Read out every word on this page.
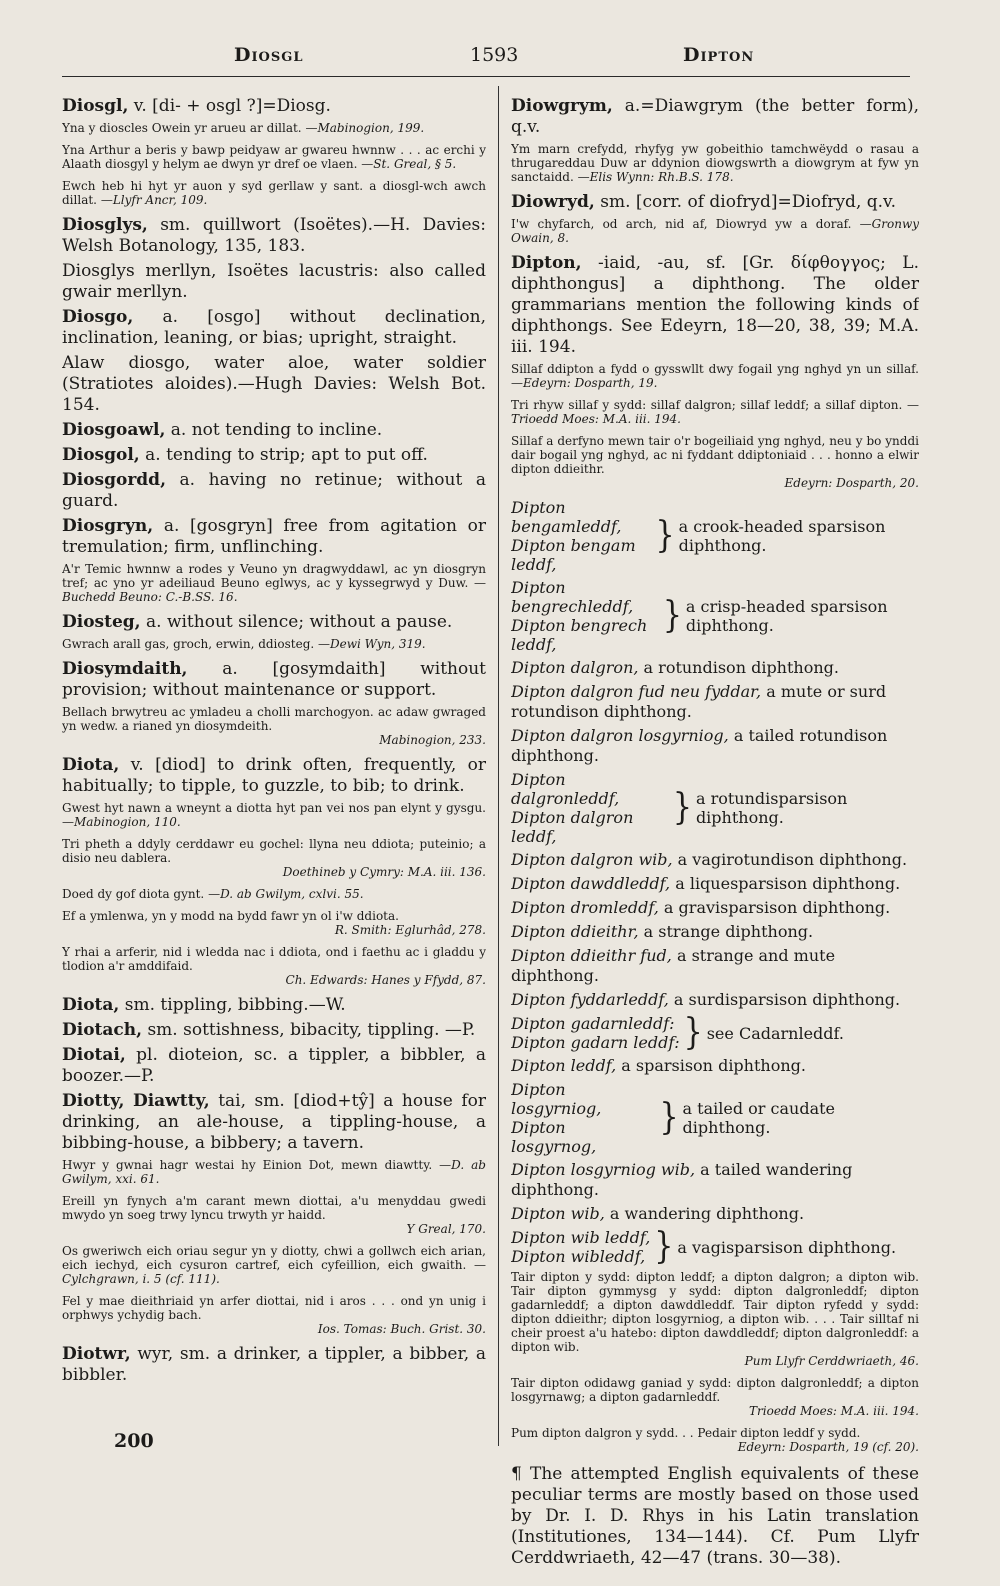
Diosgl	1593	Dipton

Diosgl, v. [di- + osgl ?]=Diosg.

Yna y dioscles Owein yr arueu ar dillat. —Mabinogion, 199.

Yna Arthur a beris y bawp peidyaw ar gwareu hwnnw . . . ac erchi y Alaath diosgyl y helym ae dwyn yr dref oe vlaen. —St. Greal, § 5.

Ewch heb hi hyt yr auon y syd gerllaw y sant. a diosgl-wch awch dillat. —Llyfr Ancr, 109.

Diosglys, sm. quillwort (Isoëtes).—H. Davies: Welsh Botanology, 135, 183.

Diosglys merllyn, Isoëtes lacustris: also called gwair merllyn.

Diosgo, a. [osgo] without declination, inclination, leaning, or bias; upright, straight.

Alaw diosgo, water aloe, water soldier (Stratiotes aloides).—Hugh Davies: Welsh Bot. 154.

Diosgoawl, a. not tending to incline.

Diosgol, a. tending to strip; apt to put off.

Diosgordd, a. having no retinue; without a guard.

Diosgryn, a. [gosgryn] free from agitation or tremulation; firm, unflinching.

A'r Temic hwnnw a rodes y Veuno yn dragwyddawl, ac yn diosgryn tref; ac yno yr adeiliaud Beuno eglwys, ac y kyssegrwyd y Duw. —Buchedd Beuno: C.-B.SS. 16.

Diosteg, a. without silence; without a pause.

Gwrach arall gas, groch, erwin, ddiosteg. —Dewi Wyn, 319.

Diosymdaith, a. [gosymdaith] without provision; without maintenance or support.

Bellach brwytreu ac ymladeu a cholli marchogyon. ac adaw gwraged yn wedw. a rianed yn diosymdeith.
Mabinogion, 233.

Diota, v. [diod] to drink often, frequently, or habitually; to tipple, to guzzle, to bib; to drink.

Gwest hyt nawn a wneynt a diotta hyt pan vei nos pan elynt y gysgu. —Mabinogion, 110.

Tri pheth a ddyly cerddawr eu gochel: llyna neu ddiota; puteinio; a disio neu dablera.
Doethineb y Cymry: M.A. iii. 136.

Doed dy gof diota gynt. —D. ab Gwilym, cxlvi. 55.

Ef a ymlenwa, yn y modd na bydd fawr yn ol i'w ddiota.
R. Smith: Eglurhâd, 278.

Y rhai a arferir, nid i wledda nac i ddiota, ond i faethu ac i gladdu y tlodion a'r amddifaid.
Ch. Edwards: Hanes y Ffydd, 87.

Diota, sm. tippling, bibbing.—W.

Diotach, sm. sottishness, bibacity, tippling. —P.

Diotai, pl. dioteion, sc. a tippler, a bibbler, a boozer.—P.

Diotty, Diawtty, tai, sm. [diod+tŷ] a house for drinking, an ale-house, a tippling-house, a bibbing-house, a bibbery; a tavern.

Hwyr y gwnai hagr westai hy Einion Dot, mewn diawtty. —D. ab Gwilym, xxi. 61.

Ereill yn fynych a'm carant mewn diottai, a'u menyddau gwedi mwydo yn soeg trwy lyncu trwyth yr haidd.
Y Greal, 170.

Os gweriwch eich oriau segur yn y diotty, chwi a gollwch eich arian, eich iechyd, eich cysuron cartref, eich cyfeillion, eich gwaith. —Cylchgrawn, i. 5 (cf. 111).

Fel y mae dieithriaid yn arfer diottai, nid i aros . . . ond yn unig i orphwys ychydig bach.
Ios. Tomas: Buch. Grist. 30.

Diotwr, wyr, sm. a drinker, a tippler, a bibber, a bibbler.

Diowgrym, a.=Diawgrym (the better form), q.v.

Ym marn crefydd, rhyfyg yw gobeithio tamchwëydd o rasau a thrugareddau Duw ar ddynion diowgswrth a diowgrym at fyw yn sanctaidd. —Elis Wynn: Rh.B.S. 178.

Diowryd, sm. [corr. of diofryd]=Diofryd, q.v.

I'w chyfarch, od arch, nid af, Diowryd yw a doraf. —Gronwy Owain, 8.

Dipton, -iaid, -au, sf. [Gr. δίφθογγος; L. diphthongus] a diphthong. The older grammarians mention the following kinds of diphthongs. See Edeyrn, 18—20, 38, 39; M.A. iii. 194.

Sillaf ddipton a fydd o gysswllt dwy fogail yng nghyd yn un sillaf. —Edeyrn: Dosparth, 19.

Tri rhyw sillaf y sydd: sillaf dalgron; sillaf leddf; a sillaf dipton. —Trioedd Moes: M.A. iii. 194.

Sillaf a derfyno mewn tair o'r bogeiliaid yng nghyd, neu y bo ynddi dair bogail yng nghyd, ac ni fyddant ddiptoniaid . . . honno a elwir dipton ddieithr.
Edeyrn: Dosparth, 20.

Dipton bengamleddf,
Dipton bengam leddf,
} a crook-headed sparsison diphthong.
Dipton bengrechleddf,
Dipton bengrech leddf,
} a crisp-headed sparsison diphthong.

Dipton dalgron, a rotundison diphthong.

Dipton dalgron fud neu fyddar, a mute or surd rotundison diphthong.

Dipton dalgron losgyrniog, a tailed rotundison diphthong.

Dipton dalgronleddf,
Dipton dalgron leddf,
} a rotundisparsison diphthong.

Dipton dalgron wib, a vagirotundison diphthong.

Dipton dawddleddf, a liquesparsison diphthong.

Dipton dromleddf, a gravisparsison diphthong.

Dipton ddieithr, a strange diphthong.

Dipton ddieithr fud, a strange and mute diphthong.

Dipton fyddarleddf, a surdisparsison diphthong.

Dipton gadarnleddf:
Dipton gadarn leddf: } see Cadarnleddf.

Dipton leddf, a sparsison diphthong.

Dipton losgyrniog,
Dipton losgyrnog,
} a tailed or caudate diphthong.

Dipton losgyrniog wib, a tailed wandering diphthong.

Dipton wib, a wandering diphthong.

Dipton wib leddf,
Dipton wibleddf, } a vagisparsison diphthong.

Tair dipton y sydd: dipton leddf; a dipton dalgron; a dipton wib. Tair dipton gymmysg y sydd: dipton dalgronleddf; dipton gadarnleddf; a dipton dawddleddf. Tair dipton ryfedd y sydd: dipton ddieithr; dipton losgyrniog, a dipton wib. . . . Tair silltaf ni cheir proest a'u hatebo: dipton dawddleddf; dipton dalgronleddf: a dipton wib.
Pum Llyfr Cerddwriaeth, 46.

Tair dipton odidawg ganiad y sydd: dipton dalgronleddf; a dipton losgyrnawg; a dipton gadarnleddf.
Trioedd Moes: M.A. iii. 194.

Pum dipton dalgron y sydd. . . Pedair dipton leddf y sydd.
Edeyrn: Dosparth, 19 (cf. 20).

¶ The attempted English equivalents of these peculiar terms are mostly based on those used by Dr. I. D. Rhys in his Latin translation (Institutiones, 134—144). Cf. Pum Llyfr Cerddwriaeth, 42—47 (trans. 30—38).

200
